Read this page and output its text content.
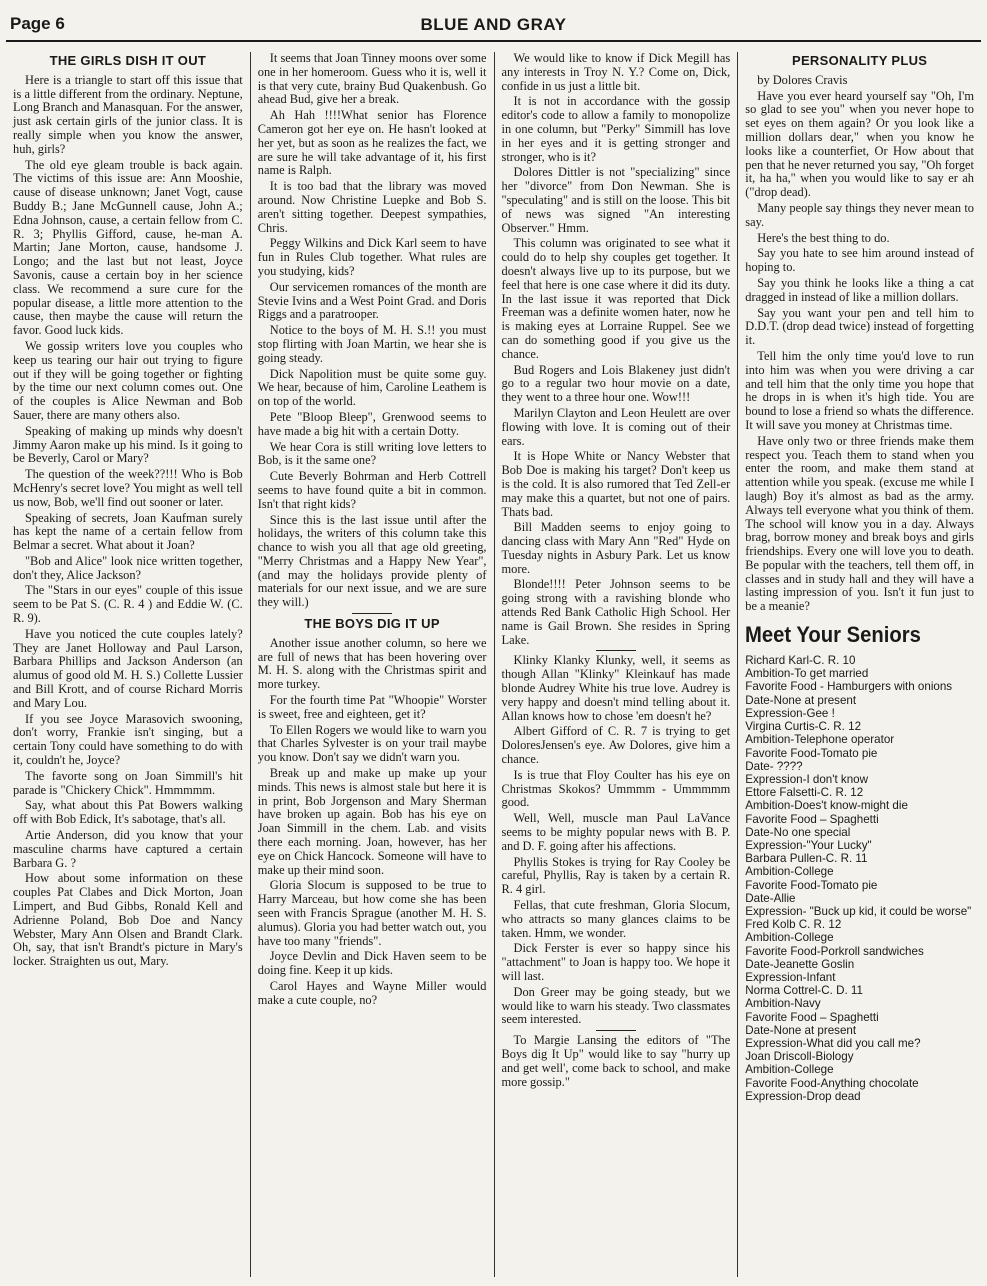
Page 6	BLUE AND GRAY
THE GIRLS DISH IT OUT

Here is a triangle to start off this issue that is a little different from the ordinary. Neptune, Long Branch and Manasquan. For the answer, just ask certain girls of the junior class. It is really simple when you know the answer, huh, girls?

The old eye gleam trouble is back again. The victims of this issue are: Ann Mooshie, cause of disease unknown; Janet Vogt, cause Buddy B.; Jane McGunnell cause, John A.; Edna Johnson, cause, a certain fellow from C. R. 3; Phyllis Gifford, cause, he-man A. Martin; Jane Morton, cause, handsome J. Longo; and the last but not least, Joyce Savonis, cause a certain boy in her science class. We recommend a sure cure for the popular disease, a little more attention to the cause, then maybe the cause will return the favor. Good luck kids.

We gossip writers love you couples who keep us tearing our hair out trying to figure out if they will be going together or fighting by the time our next column comes out. One of the couples is Alice Newman and Bob Sauer, there are many others also.

Speaking of making up minds why doesn't Jimmy Aaron make up his mind. Is it going to be Beverly, Carol or Mary?

The question of the week??!!! Who is Bob McHenry's secret love? You might as well tell us now, Bob, we'll find out sooner or later.

Speaking of secrets, Joan Kaufman surely has kept the name of a certain fellow from Belmar a secret. What about it Joan?

"Bob and Alice" look nice written together, don't they, Alice Jackson?

The "Stars in our eyes" couple of this issue seem to be Pat S. (C. R. 4 ) and Eddie W. (C. R. 9).

Have you noticed the cute couples lately? They are Janet Holloway and Paul Larson, Barbara Phillips and Jackson Anderson (an alumus of good old M. H. S.) Collette Lussier and Bill Krott, and of course Richard Morris and Mary Lou.

If you see Joyce Marasovich swooning, don't worry, Frankie isn't singing, but a certain Tony could have something to do with it, couldn't he, Joyce?

The favorte song on Joan Simmill's hit parade is "Chickery Chick". Hmmmmm.

Say, what about this Pat Bowers walking off with Bob Edick, It's sabotage, that's all.

Artie Anderson, did you know that your masculine charms have captured a certain Barbara G. ?

How about some information on these couples Pat Clabes and Dick Morton, Joan Limpert, and Bud Gibbs, Ronald Kell and Adrienne Poland, Bob Doe and Nancy Webster, Mary Ann Olsen and Brandt Clark. Oh, say, that isn't Brandt's picture in Mary's locker. Straighten us out, Mary.

It seems that Joan Tinney moons over some one in her homeroom. Guess who it is, well it is that very cute, brainy Bud Quakenbush. Go ahead Bud, give her a break.

Ah Hah !!!!What senior has Florence Cameron got her eye on. He hasn't looked at her yet, but as soon as he realizes the fact, we are sure he will take advantage of it, his first name is Ralph.

It is too bad that the library was moved around. Now Christine Luepke and Bob S. aren't sitting together. Deepest sympathies, Chris.

Peggy Wilkins and Dick Karl seem to have fun in Rules Club together. What rules are you studying, kids?

Our servicemen romances of the month are Stevie Ivins and a West Point Grad. and Doris Riggs and a paratrooper.

Notice to the boys of M. H. S.!! you must stop flirting with Joan Martin, we hear she is going steady.

Dick Napolition must be quite some guy. We hear, because of him, Caroline Leathem is on top of the world.

Pete "Bloop Bleep", Grenwood seems to have made a big hit with a certain Dotty.

We hear Cora is still writing love letters to Bob, is it the same one?

Cute Beverly Bohrman and Herb Cottrell seems to have found quite a bit in common. Isn't that right kids?

Since this is the last issue until after the holidays, the writers of this column take this chance to wish you all that age old greeting, "Merry Christmas and a Happy New Year", (and may the holidays provide plenty of materials for our next issue, and we are sure they will.)

THE BOYS DIG IT UP

Another issue another column, so here we are full of news that has been hovering over M. H. S. along with the Christmas spirit and more turkey.

For the fourth time Pat "Whoopie" Worster is sweet, free and eighteen, get it?

To Ellen Rogers we would like to warn you that Charles Sylvester is on your trail maybe you know. Don't say we didn't warn you.

Break up and make up make up your minds. This news is almost stale but here it is in print, Bob Jorgenson and Mary Sherman have broken up again. Bob has his eye on Joan Simmill in the chem. Lab. and visits there each morning. Joan, however, has her eye on Chick Hancock. Someone will have to make up their mind soon.

Gloria Slocum is supposed to be true to Harry Marceau, but how come she has been seen with Francis Sprague (another M. H. S. alumus). Gloria you had better watch out, you have too many "friends".

Joyce Devlin and Dick Haven seem to be doing fine. Keep it up kids.

Carol Hayes and Wayne Miller would make a cute couple, no?

We would like to know if Dick Megill has any interests in Troy N. Y.? Come on, Dick, confide in us just a little bit.

It is not in accordance with the gossip editor's code to allow a family to monopolize in one column, but "Perky" Simmill has love in her eyes and it is getting stronger and stronger, who is it?

Dolores Dittler is not "specializing" since her "divorce" from Don Newman. She is "speculating" and is still on the loose. This bit of news was signed "An interesting Observer." Hmm.

This column was originated to see what it could do to help shy couples get together. It doesn't always live up to its purpose, but we feel that here is one case where it did its duty. In the last issue it was reported that Dick Freeman was a definite women hater, now he is making eyes at Lorraine Ruppel. See we can do something good if you give us the chance.

Bud Rogers and Lois Blakeney just didn't go to a regular two hour movie on a date, they went to a three hour one. Wow!!!

Marilyn Clayton and Leon Heulett are over flowing with love. It is coming out of their ears.

It is Hope White or Nancy Webster that Bob Doe is making his target? Don't keep us is the cold. It is also rumored that Ted Zell-er may make this a quartet, but not one of pairs. Thats bad.

Bill Madden seems to enjoy going to dancing class with Mary Ann "Red" Hyde on Tuesday nights in Asbury Park. Let us know more.

Blonde!!!! Peter Johnson seems to be going strong with a ravishing blonde who attends Red Bank Catholic High School. Her name is Gail Brown. She resides in Spring Lake.

Klinky Klanky Klunky, well, it seems as though Allan "Klinky" Kleinkauf has made blonde Audrey White his true love. Audrey is very happy and doesn't mind telling about it. Allan knows how to chose 'em doesn't he?

Albert Gifford of C. R. 7 is trying to get DoloresJensen's eye. Aw Dolores, give him a chance.

Is is true that Floy Coulter has his eye on Christmas Skokos? Ummmm - Ummmmm good.

Well, Well, muscle man Paul LaVance seems to be mighty popular news with B. P. and D. F. going after his affections.

Phyllis Stokes is trying for Ray Cooley be careful, Phyllis, Ray is taken by a certain R. R. 4 girl.

Fellas, that cute freshman, Gloria Slocum, who attracts so many glances claims to be taken. Hmm, we wonder.

Dick Ferster is ever so happy since his "attachment" to Joan is happy too. We hope it will last.

Don Greer may be going steady, but we would like to warn his steady. Two classmates seem interested.

To Margie Lansing the editors of "The Boys dig It Up" would like to say "hurry up and get well', come back to school, and make more gossip."

PERSONALITY PLUS

by Dolores Cravis

Have you ever heard yourself say "Oh, I'm so glad to see you" when you never hope to set eyes on them again? Or you look like a million dollars dear," when you know he looks like a counterfiet, Or How about that pen that he never returned you say, "Oh forget it, ha ha," when you would like to say er ah ("drop dead).

Many people say things they never mean to say.

Here's the best thing to do.

Say you hate to see him around instead of hoping to.

Say you think he looks like a thing a cat dragged in instead of like a million dollars.

Say you want your pen and tell him to D.D.T. (drop dead twice) instead of forgetting it.

Tell him the only time you'd love to run into him was when you were driving a car and tell him that the only time you hope that he drops in is when it's high tide. You are bound to lose a friend so whats the difference. It will save you money at Christmas time.

Have only two or three friends make them respect you. Teach them to stand when you enter the room, and make them stand at attention while you speak. (excuse me while I laugh) Boy it's almost as bad as the army. Always tell everyone what you think of them. The school will know you in a day. Always brag, borrow money and break boys and girls friendships. Every one will love you to death. Be popular with the teachers, tell them off, in classes and in study hall and they will have a lasting impression of you. Isn't it fun just to be a meanie?

Meet Your Seniors
Richard Karl-C. R. 10
Ambition-To get married
Favorite Food - Hamburgers with onions
Date-None at present
Expression-Gee !
Virgina Curtis-C. R. 12
Ambition-Telephone operator
Favorite Food-Tomato pie
Date- ????
Expression-I don't know
Ettore Falsetti-C. R. 12
Ambition-Does't know-might die
Favorite Food – Spaghetti
Date-No one special
Expression-"Your Lucky"
Barbara Pullen-C. R. 11
Ambition-College
Favorite Food-Tomato pie
Date-Allie
Expression- "Buck up kid, it could be worse"
Fred Kolb C. R. 12
Ambition-College
Favorite Food-Porkroll sandwiches
Date-Jeanette Goslin
Expression-Infant
Norma Cottrel-C. D. 11
Ambition-Navy
Favorite Food – Spaghetti
Date-None at present
Expression-What did you call me?
Joan Driscoll-Biology
Ambition-College
Favorite Food-Anything chocolate
Expression-Drop dead
